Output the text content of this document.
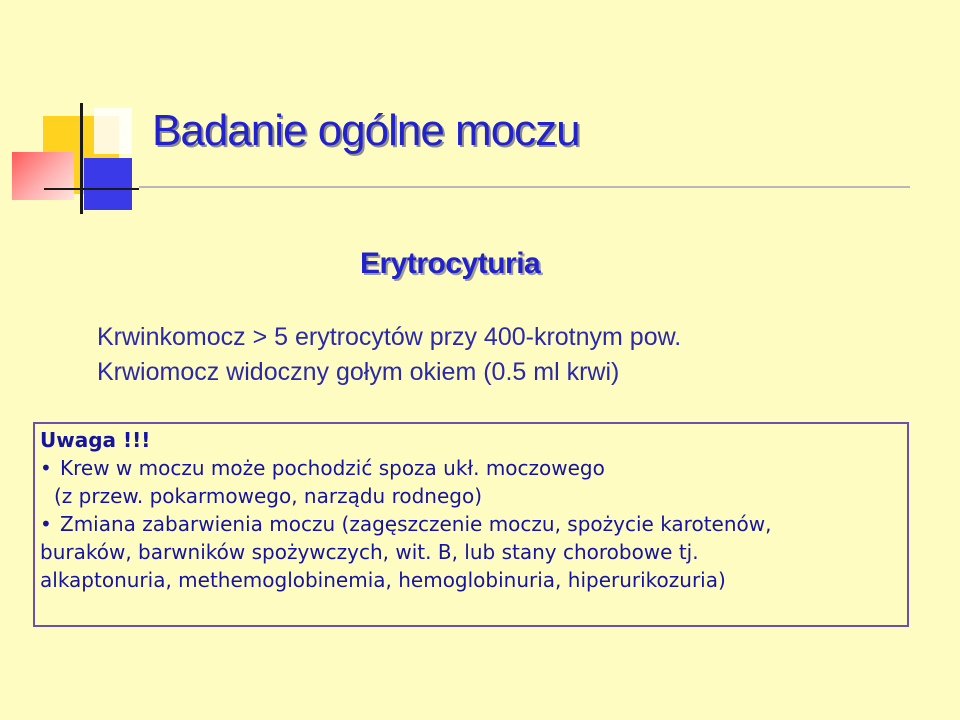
Badanie ogólne moczu
Erytrocyturia
Krwinkomocz > 5 erytrocytów przy 400-krotnym pow.
Krwiomocz widoczny gołym okiem (0.5 ml krwi)
Uwaga !!!
• Krew w moczu może pochodzić spoza ukł. moczowego
(z przew. pokarmowego, narządu rodnego)
• Zmiana zabarwienia moczu (zagęszczenie moczu, spożycie karotenów,
buraków, barwników spożywczych, wit. B, lub stany chorobowe tj.
alkaptonuria, methemoglobinemia, hemoglobinuria, hiperurikozuria)
